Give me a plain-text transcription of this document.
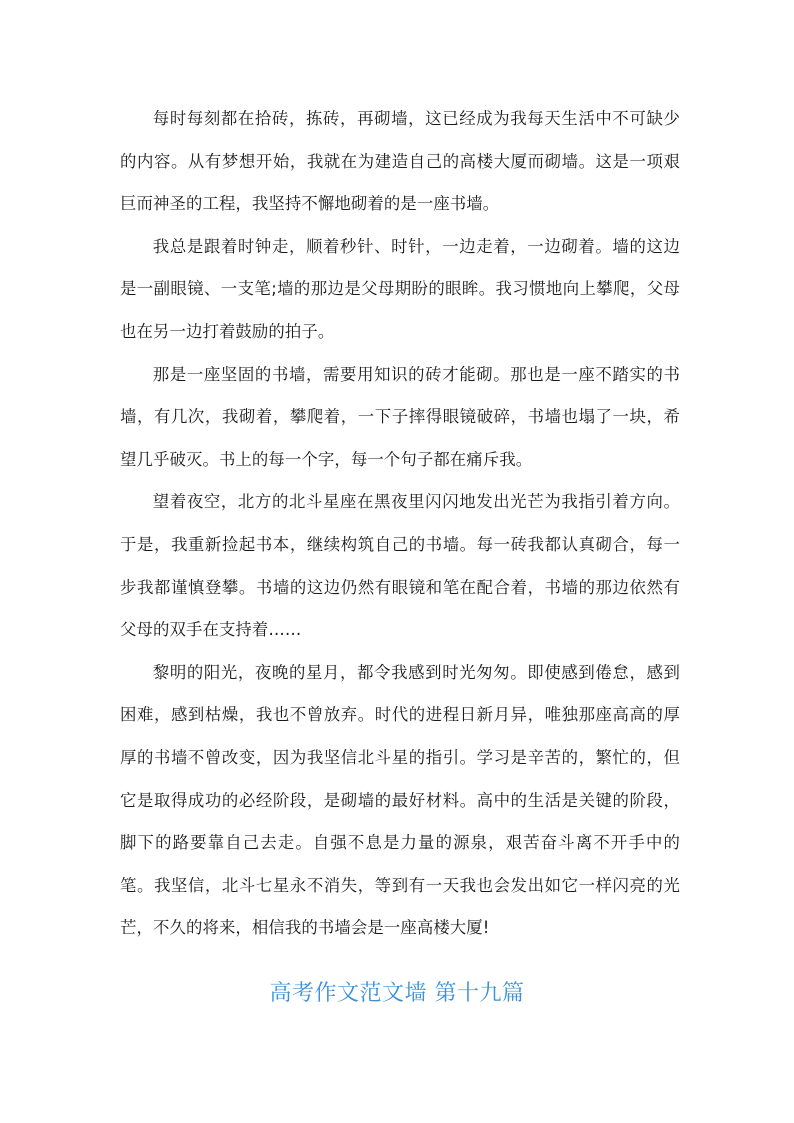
每时每刻都在拾砖，拣砖，再砌墙，这已经成为我每天生活中不可缺少的内容。从有梦想开始，我就在为建造自己的高楼大厦而砌墙。这是一项艰巨而神圣的工程，我坚持不懈地砌着的是一座书墙。

我总是跟着时钟走，顺着秒针、时针，一边走着，一边砌着。墙的这边是一副眼镜、一支笔;墙的那边是父母期盼的眼眸。我习惯地向上攀爬，父母也在另一边打着鼓励的拍子。

那是一座坚固的书墙，需要用知识的砖才能砌。那也是一座不踏实的书墙，有几次，我砌着，攀爬着，一下子摔得眼镜破碎，书墙也塌了一块，希望几乎破灭。书上的每一个字，每一个句子都在痛斥我。

望着夜空，北方的北斗星座在黑夜里闪闪地发出光芒为我指引着方向。于是，我重新捡起书本，继续构筑自己的书墙。每一砖我都认真砌合，每一步我都谨慎登攀。书墙的这边仍然有眼镜和笔在配合着，书墙的那边依然有父母的双手在支持着……

黎明的阳光，夜晚的星月，都令我感到时光匆匆。即使感到倦怠，感到困难，感到枯燥，我也不曾放弃。时代的进程日新月异，唯独那座高高的厚厚的书墙不曾改变，因为我坚信北斗星的指引。学习是辛苦的，繁忙的，但它是取得成功的必经阶段，是砌墙的最好材料。高中的生活是关键的阶段，脚下的路要靠自己去走。自强不息是力量的源泉，艰苦奋斗离不开手中的笔。我坚信，北斗七星永不消失，等到有一天我也会发出如它一样闪亮的光芒，不久的将来，相信我的书墙会是一座高楼大厦!

高考作文范文墙 第十九篇
